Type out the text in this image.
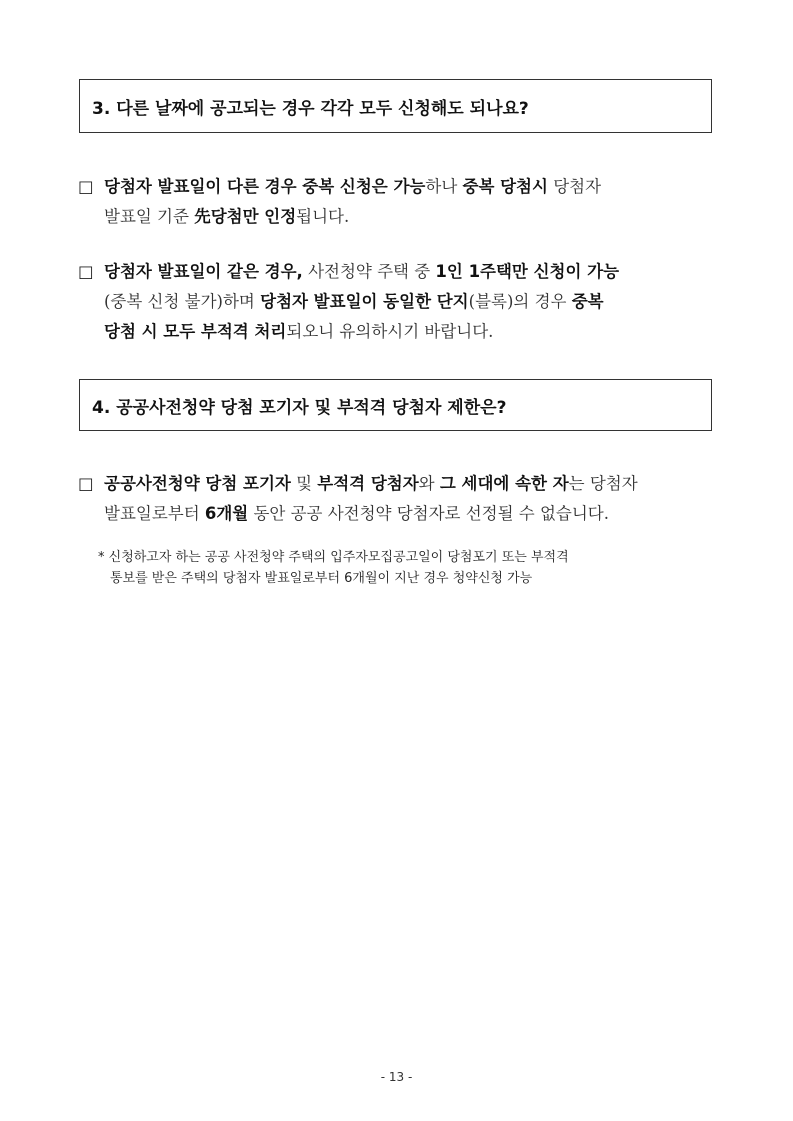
3. 다른 날짜에 공고되는 경우 각각 모두 신청해도 되나요?
□ 당첨자 발표일이 다른 경우 중복 신청은 가능하나 중복 당첨시 당첨자
발표일 기준 先당첨만 인정됩니다.
□ 당첨자 발표일이 같은 경우, 사전청약 주택 중 1인 1주택만 신청이 가능
(중복 신청 불가)하며 당첨자 발표일이 동일한 단지(블록)의 경우 중복
당첨 시 모두 부적격 처리되오니 유의하시기 바랍니다.
4. 공공사전청약 당첨 포기자 및 부적격 당첨자 제한은?
□ 공공사전청약 당첨 포기자 및 부적격 당첨자와 그 세대에 속한 자는 당첨자
발표일로부터 6개월 동안 공공 사전청약 당첨자로 선정될 수 없습니다.
* 신청하고자 하는 공공 사전청약 주택의 입주자모집공고일이 당첨포기 또는 부적격
통보를 받은 주택의 당첨자 발표일로부터 6개월이 지난 경우 청약신청 가능
- 13 -
